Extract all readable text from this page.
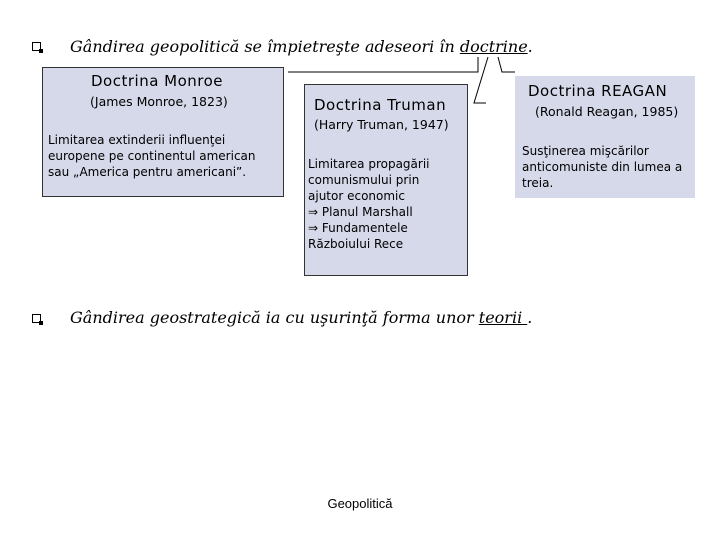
Gândirea geopolitică se împietreşte adeseori în doctrine.
Doctrina Monroe
(James Monroe, 1823)
Limitarea extinderii influenţei europene pe continentul american sau „America pentru americani”.
Doctrina Truman
(Harry Truman, 1947)
Limitarea propagării
comunismului prin
ajutor economic
⇒ Planul Marshall
⇒ Fundamentele
Războiului Rece
Doctrina REAGAN
(Ronald Reagan, 1985)
Susţinerea mişcărilor anticomuniste din lumea a treia.
Gândirea geostrategică ia cu uşurinţă forma unor teorii .
Geopolitică
